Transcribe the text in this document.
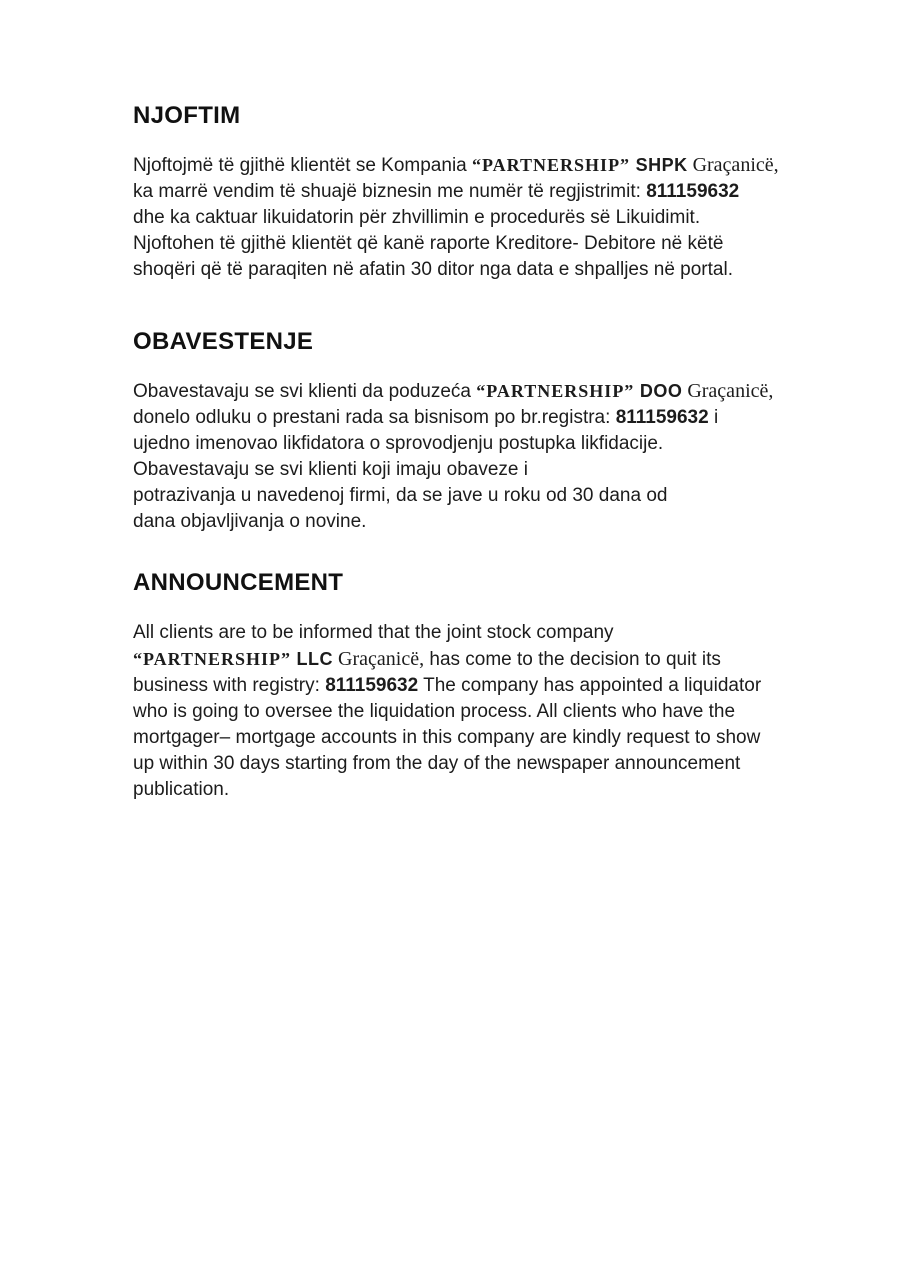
NJOFTIM

Njoftojmë të gjithë klientët se Kompania “PARTNERSHIP” SHPK Graçanicë,
ka marrë vendim të shuajë biznesin me numër të regjistrimit: 811159632
dhe ka caktuar likuidatorin për zhvillimin e procedurës së Likuidimit.
Njoftohen të gjithë klientët që kanë raporte Kreditore- Debitore në këtë
shoqëri që të paraqiten në afatin 30 ditor nga data e shpalljes në portal.

OBAVESTENJE

Obavestavaju se svi klienti da poduzeća “PARTNERSHIP” DOO Graçanicë,
donelo odluku o prestani rada sa bisnisom po br.registra: 811159632 i
ujedno imenovao likfidatora o sprovodjenju postupka likfidacije.
Obavestavaju se svi klienti koji imaju obaveze i
potrazivanja u navedenoj firmi, da se jave u roku od 30 dana od
dana objavljivanja o novine.

ANNOUNCEMENT

All clients are to be informed that the joint stock company
“PARTNERSHIP” LLC Graçanicë, has come to the decision to quit its
business with registry: 811159632 The company has appointed a liquidator
who is going to oversee the liquidation process. All clients who have the
mortgager– mortgage accounts in this company are kindly request to show
up within 30 days starting from the day of the newspaper announcement
publication.
